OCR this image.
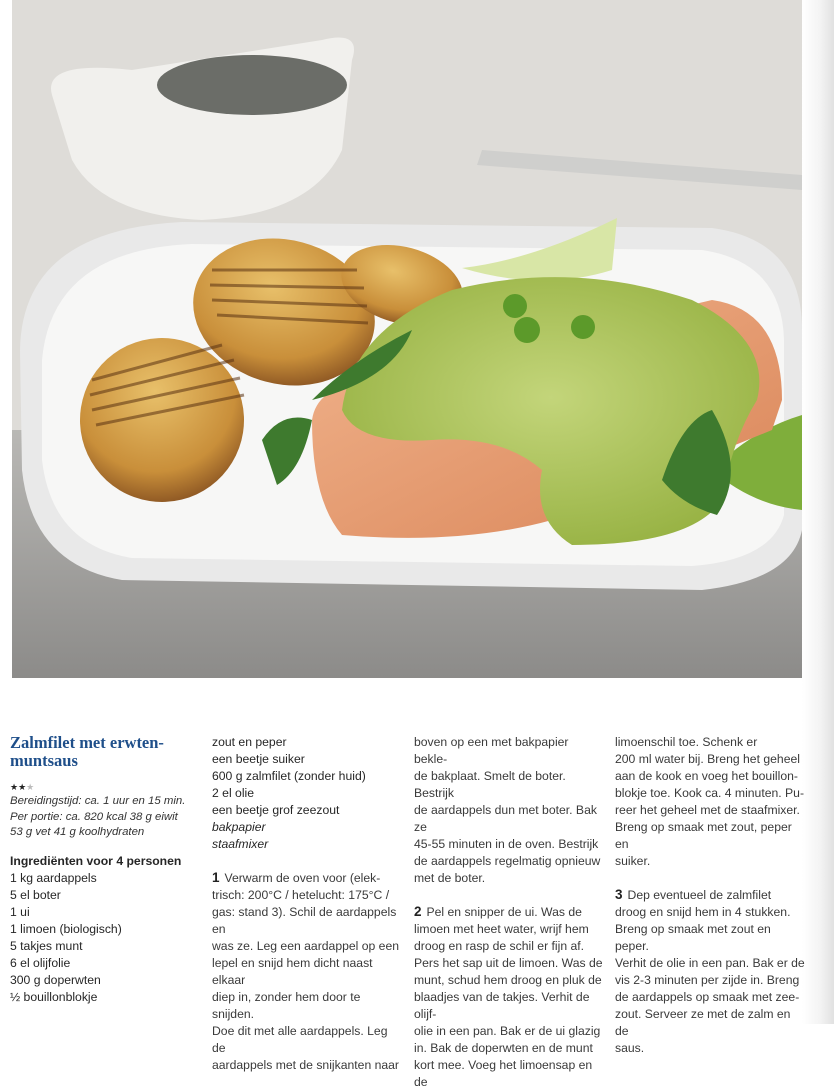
Zalmfilet met erwten-
muntsaus
★★★
Bereidingstijd: ca. 1 uur en 15 min.
Per portie: ca. 820 kcal 38 g eiwit
53 g vet 41 g koolhydraten
Ingrediënten voor 4 personen

1 kg aardappels

5 el boter

1 ui

1 limoen (biologisch)

5 takjes munt

6 el olijfolie

300 g doperwten

½ bouillonblokje

zout en peper

een beetje suiker

600 g zalmfilet (zonder huid)

2 el olie

een beetje grof zeezout

bakpapier

staafmixer

1 Verwarm de oven voor (elek-

trisch: 200°C / hetelucht: 175°C /

gas: stand 3). Schil de aardappels en

was ze. Leg een aardappel op een

lepel en snijd hem dicht naast elkaar

diep in, zonder hem door te snijden.

Doe dit met alle aardappels. Leg de

aardappels met de snijkanten naar

boven op een met bakpapier bekle-

de bakplaat. Smelt de boter. Bestrijk

de aardappels dun met boter. Bak ze

45-55 minuten in de oven. Bestrijk

de aardappels regelmatig opnieuw

met de boter.

2 Pel en snipper de ui. Was de

limoen met heet water, wrijf hem

droog en rasp de schil er fijn af.

Pers het sap uit de limoen. Was de

munt, schud hem droog en pluk de

blaadjes van de takjes. Verhit de olijf-

olie in een pan. Bak er de ui glazig

in. Bak de doperwten en de munt

kort mee. Voeg het limoensap en de

limoenschil toe. Schenk er

200 ml water bij. Breng het geheel

aan de kook en voeg het bouillon-

blokje toe. Kook ca. 4 minuten. Pu-

reer het geheel met de staafmixer.

Breng op smaak met zout, peper en

suiker.

3 Dep eventueel de zalmfilet

droog en snijd hem in 4 stukken.

Breng op smaak met zout en peper.

Verhit de olie in een pan. Bak er de

vis 2-3 minuten per zijde in. Breng

de aardappels op smaak met zee-

zout. Serveer ze met de zalm en de

saus.
